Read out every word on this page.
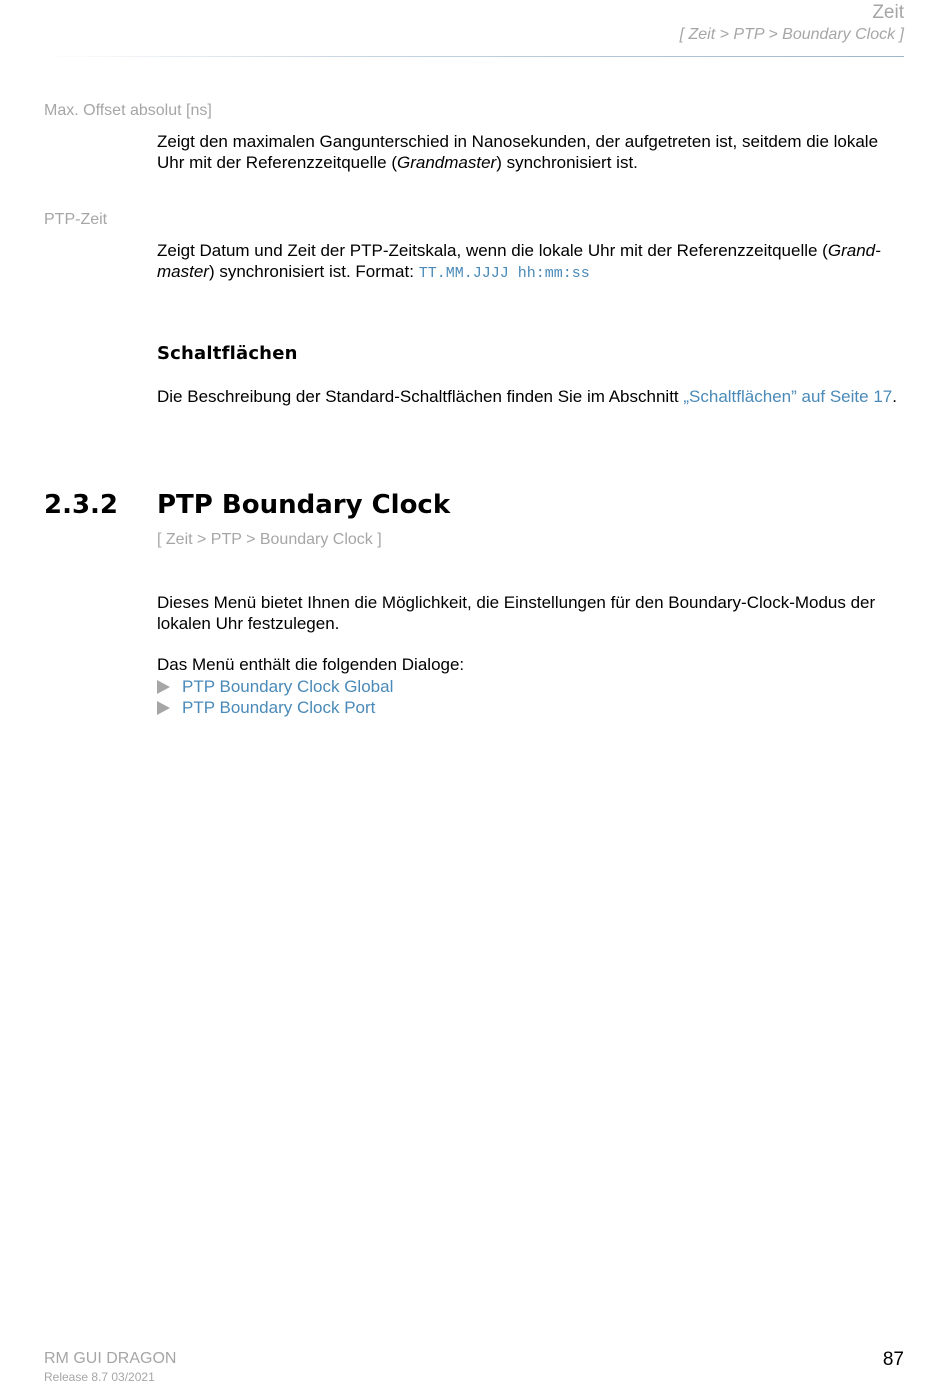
Zeit
[ Zeit > PTP > Boundary Clock ]
Max. Offset absolut [ns]
Zeigt den maximalen Gangunterschied in Nanosekunden, der aufgetreten ist, seitdem die lokale Uhr mit der Referenzzeitquelle (Grandmaster) synchronisiert ist.
PTP-Zeit
Zeigt Datum und Zeit der PTP-Zeitskala, wenn die lokale Uhr mit der Referenzzeitquelle (Grand-master) synchronisiert ist. Format: TT.MM.JJJJ hh:mm:ss
Schaltflächen
Die Beschreibung der Standard-Schaltflächen finden Sie im Abschnitt „Schaltflächen” auf Seite 17.
2.3.2 PTP Boundary Clock
[ Zeit > PTP > Boundary Clock ]
Dieses Menü bietet Ihnen die Möglichkeit, die Einstellungen für den Boundary-Clock-Modus der lokalen Uhr festzulegen.
Das Menü enthält die folgenden Dialoge:
PTP Boundary Clock Global
PTP Boundary Clock Port
RM GUI DRAGON
Release 8.7 03/2021
87
